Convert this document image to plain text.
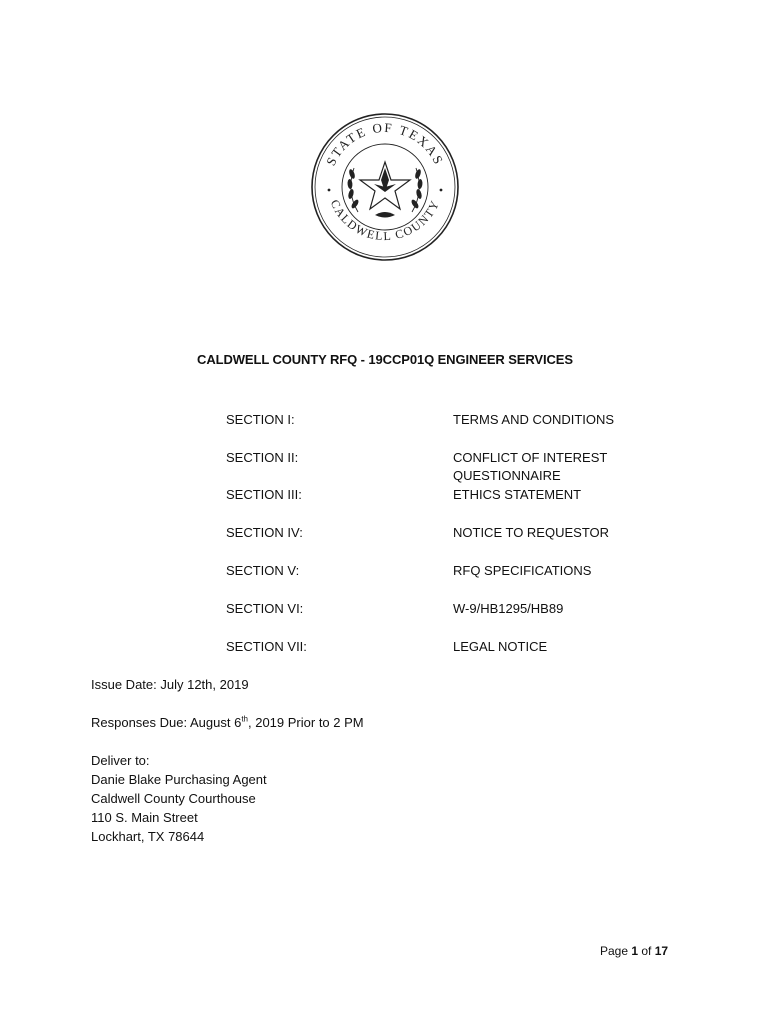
STATE OF TEXAS
CALDWELL COUNTY
CALDWELL COUNTY RFQ - 19CCP01Q ENGINEER SERVICES
SECTION I:	TERMS AND CONDITIONS
SECTION II:	CONFLICT OF INTEREST
QUESTIONNAIRE
SECTION III:	ETHICS STATEMENT
SECTION IV:	NOTICE TO REQUESTOR
SECTION V:	RFQ SPECIFICATIONS
SECTION VI:	W-9/HB1295/HB89
SECTION VII:	LEGAL NOTICE
Issue Date: July 12th, 2019
Responses Due: August 6th, 2019 Prior to 2 PM
Deliver to:
Danie Blake Purchasing Agent
Caldwell County Courthouse
110 S. Main Street
Lockhart, TX 78644
Page 1 of 17
